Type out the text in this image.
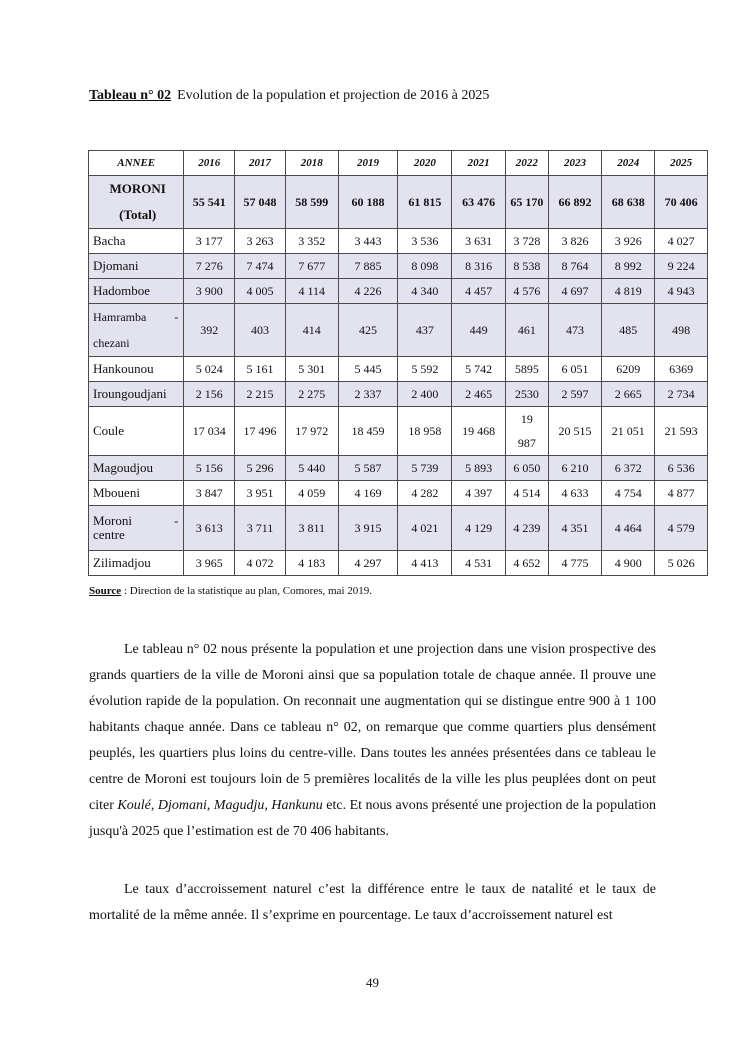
Tableau n° 02 Evolution de la population et projection de 2016 à 2025
ANNEE	2016	2017	2018	2019	2020	2021	2022	2023	2024	2025

MORONI
(Total)	55 541	57 048	58 599	60 188	61 815	63 476	65 170	66 892	68 638	70 406
Bacha	3 177	3 263	3 352	3 443	3 536	3 631	3 728	3 826	3 926	4 027
Djomani	7 276	7 474	7 677	7 885	8 098	8 316	8 538	8 764	8 992	9 224
Hadomboe	3 900	4 005	4 114	4 226	4 340	4 457	4 576	4 697	4 819	4 943

Hamramba -
chezani	392	403	414	425	437	449	461	473	485	498
Hankounou	5 024	5 161	5 301	5 445	5 592	5 742	5895	6 051	6209	6369
Iroungoudjani	2 156	2 215	2 275	2 337	2 400	2 465	2530	2 597	2 665	2 734
Coule	17 034	17 496	17 972	18 459	18 958	19 468	19 987	20 515	21 051	21 593
Magoudjou	5 156	5 296	5 440	5 587	5 739	5 893	6 050	6 210	6 372	6 536
Mboueni	3 847	3 951	4 059	4 169	4 282	4 397	4 514	4 633	4 754	4 877

Moroni -
centre	3 613	3 711	3 811	3 915	4 021	4 129	4 239	4 351	4 464	4 579
Zilimadjou	3 965	4 072	4 183	4 297	4 413	4 531	4 652	4 775	4 900	5 026
Source : Direction de la statistique au plan, Comores, mai 2019.
Le tableau n° 02 nous présente la population et une projection dans une vision prospective des grands quartiers de la ville de Moroni ainsi que sa population totale de chaque année. Il prouve une évolution rapide de la population. On reconnait une augmentation qui se distingue entre 900 à 1 100 habitants chaque année. Dans ce tableau n° 02, on remarque que comme quartiers plus densément peuplés, les quartiers plus loins du centre-ville. Dans toutes les années présentées dans ce tableau le centre de Moroni est toujours loin de 5 premières localités de la ville les plus peuplées dont on peut citer Koulé, Djomani, Magudju, Hankunu etc. Et nous avons présenté une projection de la population jusqu'à 2025 que l’estimation est de 70 406 habitants.
Le taux d’accroissement naturel c’est la différence entre le taux de natalité et le taux de mortalité de la même année. Il s’exprime en pourcentage. Le taux d’accroissement naturel est
49
